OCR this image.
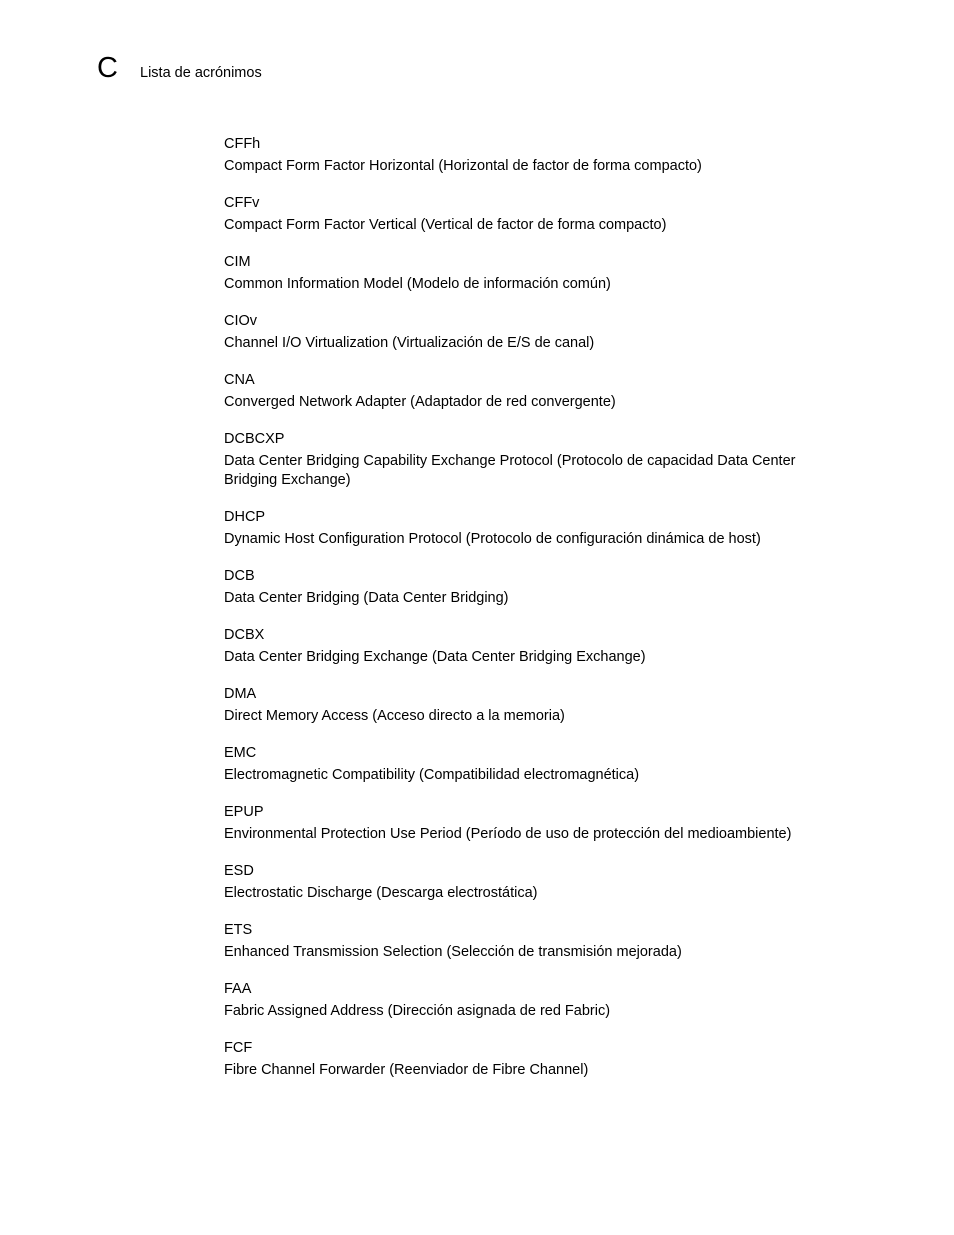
C	Lista de acrónimos
CFFh
Compact Form Factor Horizontal (Horizontal de factor de forma compacto)
CFFv
Compact Form Factor Vertical (Vertical de factor de forma compacto)
CIM
Common Information Model (Modelo de información común)
CIOv
Channel I/O Virtualization (Virtualización de E/S de canal)
CNA
Converged Network Adapter (Adaptador de red convergente)
DCBCXP
Data Center Bridging Capability Exchange Protocol (Protocolo de capacidad Data Center Bridging Exchange)
DHCP
Dynamic Host Configuration Protocol (Protocolo de configuración dinámica de host)
DCB
Data Center Bridging (Data Center Bridging)
DCBX
Data Center Bridging Exchange (Data Center Bridging Exchange)
DMA
Direct Memory Access (Acceso directo a la memoria)
EMC
Electromagnetic Compatibility (Compatibilidad electromagnética)
EPUP
Environmental Protection Use Period (Período de uso de protección del medioambiente)
ESD
Electrostatic Discharge (Descarga electrostática)
ETS
Enhanced Transmission Selection (Selección de transmisión mejorada)
FAA
Fabric Assigned Address (Dirección asignada de red Fabric)
FCF
Fibre Channel Forwarder (Reenviador de Fibre Channel)
